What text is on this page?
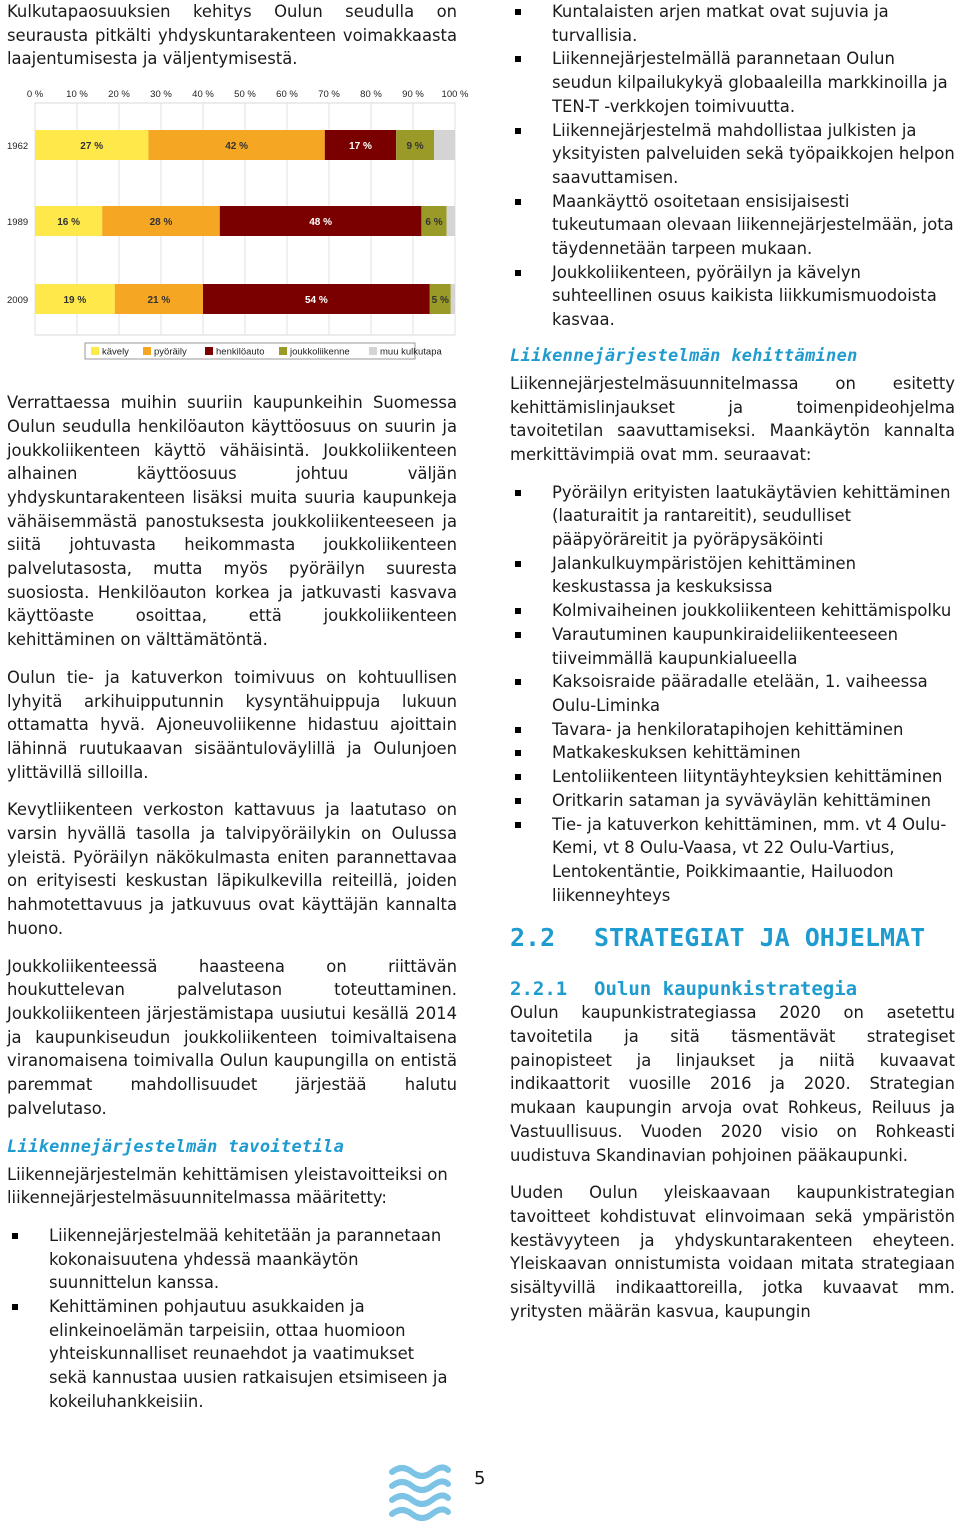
Kulkutapaosuuksien kehitys Oulun seudulla on seurausta pitkälti yhdyskuntarakenteen voimakkaasta laajentumisesta ja väljentymisestä.

0 % 10 % 20 % 30 % 40 % 50 % 60 % 70 % 80 % 90 % 100 %
1962	27 %	42 %	17 %	9 %
1989	16 %	28 %	48 %	6 %
2009	19 %	21 %	54 %	5 %
kävely	pyöräily	henkilöauto	joukkoliikenne	muu kulkutapa

Verrattaessa muihin suuriin kaupunkeihin Suomessa Oulun seudulla henkilöauton käyttöosuus on suurin ja joukkoliikenteen käyttö vähäisintä. Joukkoliikenteen alhainen käyttöosuus johtuu väljän yhdyskuntarakenteen lisäksi muita suuria kaupunkeja vähäisemmästä panostuksesta joukkoliikenteeseen ja siitä johtuvasta heikommasta joukkoliikenteen palvelutasosta, mutta myös pyöräilyn suuresta suosiosta. Henkilöauton korkea ja jatkuvasti kasvava käyttöaste osoittaa, että joukkoliikenteen kehittäminen on välttämätöntä.

Oulun tie- ja katuverkon toimivuus on kohtuullisen lyhyitä arkihuipputunnin kysyntähuippuja lukuun ottamatta hyvä. Ajoneuvoliikenne hidastuu ajoittain lähinnä ruutukaavan sisääntuloväylillä ja Oulunjoen ylittävillä silloilla.

Kevytliikenteen verkoston kattavuus ja laatutaso on varsin hyvällä tasolla ja talvipyöräilykin on Oulussa yleistä. Pyöräilyn näkökulmasta eniten parannettavaa on erityisesti keskustan läpikulkevilla reiteillä, joiden hahmotettavuus ja jatkuvuus ovat käyttäjän kannalta huono.

Joukkoliikenteessä haasteena on riittävän houkuttelevan palvelutason toteuttaminen. Joukkoliikenteen järjestämistapa uusiutui kesällä 2014 ja kaupunkiseudun joukkoliikenteen toimivaltaisena viranomaisena toimivalla Oulun kaupungilla on entistä paremmat mahdollisuudet järjestää halutu palvelutaso.

Liikennejärjestelmän tavoitetila

Liikennejärjestelmän kehittämisen yleistavoitteiksi on liikennejärjestelmäsuunnitelmassa määritetty:

Liikennejärjestelmää kehitetään ja parannetaan kokonaisuutena yhdessä maankäytön suunnittelun kanssa.
Kehittäminen pohjautuu asukkaiden ja elinkeinoelämän tarpeisiin, ottaa huomioon yhteiskunnalliset reunaehdot ja vaatimukset sekä kannustaa uusien ratkaisujen etsimiseen ja kokeiluhankkeisiin.
Kuntalaisten arjen matkat ovat sujuvia ja turvallisia.
Liikennejärjestelmällä parannetaan Oulun seudun kilpailukykyä globaaleilla markkinoilla ja TEN-T -verkkojen toimivuutta.
Liikennejärjestelmä mahdollistaa julkisten ja yksityisten palveluiden sekä työpaikkojen helpon saavuttamisen.
Maankäyttö osoitetaan ensisijaisesti tukeutumaan olevaan liikennejärjestelmään, jota täydennetään tarpeen mukaan.
Joukkoliikenteen, pyöräilyn ja kävelyn suhteellinen osuus kaikista liikkumismuodoista kasvaa.
Liikennejärjestelmän kehittäminen

Liikennejärjestelmäsuunnitelmassa on esitetty kehittämislinjaukset ja toimenpideohjelma tavoitetilan saavuttamiseksi. Maankäytön kannalta merkittävimpiä ovat mm. seuraavat:

Pyöräilyn erityisten laatukäytävien kehittäminen (laaturaitit ja rantareitit), seudulliset pääpyöräreitit ja pyöräpysäköinti
Jalankulkuympäristöjen kehittäminen keskustassa ja keskuksissa
Kolmivaiheinen joukkoliikenteen kehittämispolku
Varautuminen kaupunkiraideliikenteeseen tiiveimmällä kaupunkialueella
Kaksoisraide pääradalle etelään, 1. vaiheessa Oulu-Liminka
Tavara- ja henkiloratapihojen kehittäminen
Matkakeskuksen kehittäminen
Lentoliikenteen liityntäyhteyksien kehittäminen
Oritkarin sataman ja syväväylän kehittäminen
Tie- ja katuverkon kehittäminen, mm. vt 4 Oulu-Kemi, vt 8 Oulu-Vaasa, vt 22 Oulu-Vartius, Lentokentäntie, Poikkimaantie, Hailuodon liikenneyhteys
2.2	STRATEGIAT JA OHJELMAT
2.2.1	Oulun kaupunkistrategia

Oulun kaupunkistrategiassa 2020 on asetettu tavoitetila ja sitä täsmentävät strategiset painopisteet ja linjaukset ja niitä kuvaavat indikaattorit vuosille 2016 ja 2020. Strategian mukaan kaupungin arvoja ovat Rohkeus, Reiluus ja Vastuullisuus. Vuoden 2020 visio on Rohkeasti uudistuva Skandinavian pohjoinen pääkaupunki.

Uuden Oulun yleiskaavaan kaupunkistrategian tavoitteet kohdistuvat elinvoimaan sekä ympäristön kestävyyteen ja yhdyskuntarakenteen eheyteen. Yleiskaavan onnistumista voidaan mitata strategiaan sisältyvillä indikaattoreilla, jotka kuvaavat mm. yritysten määrän kasvua, kaupungin

5
